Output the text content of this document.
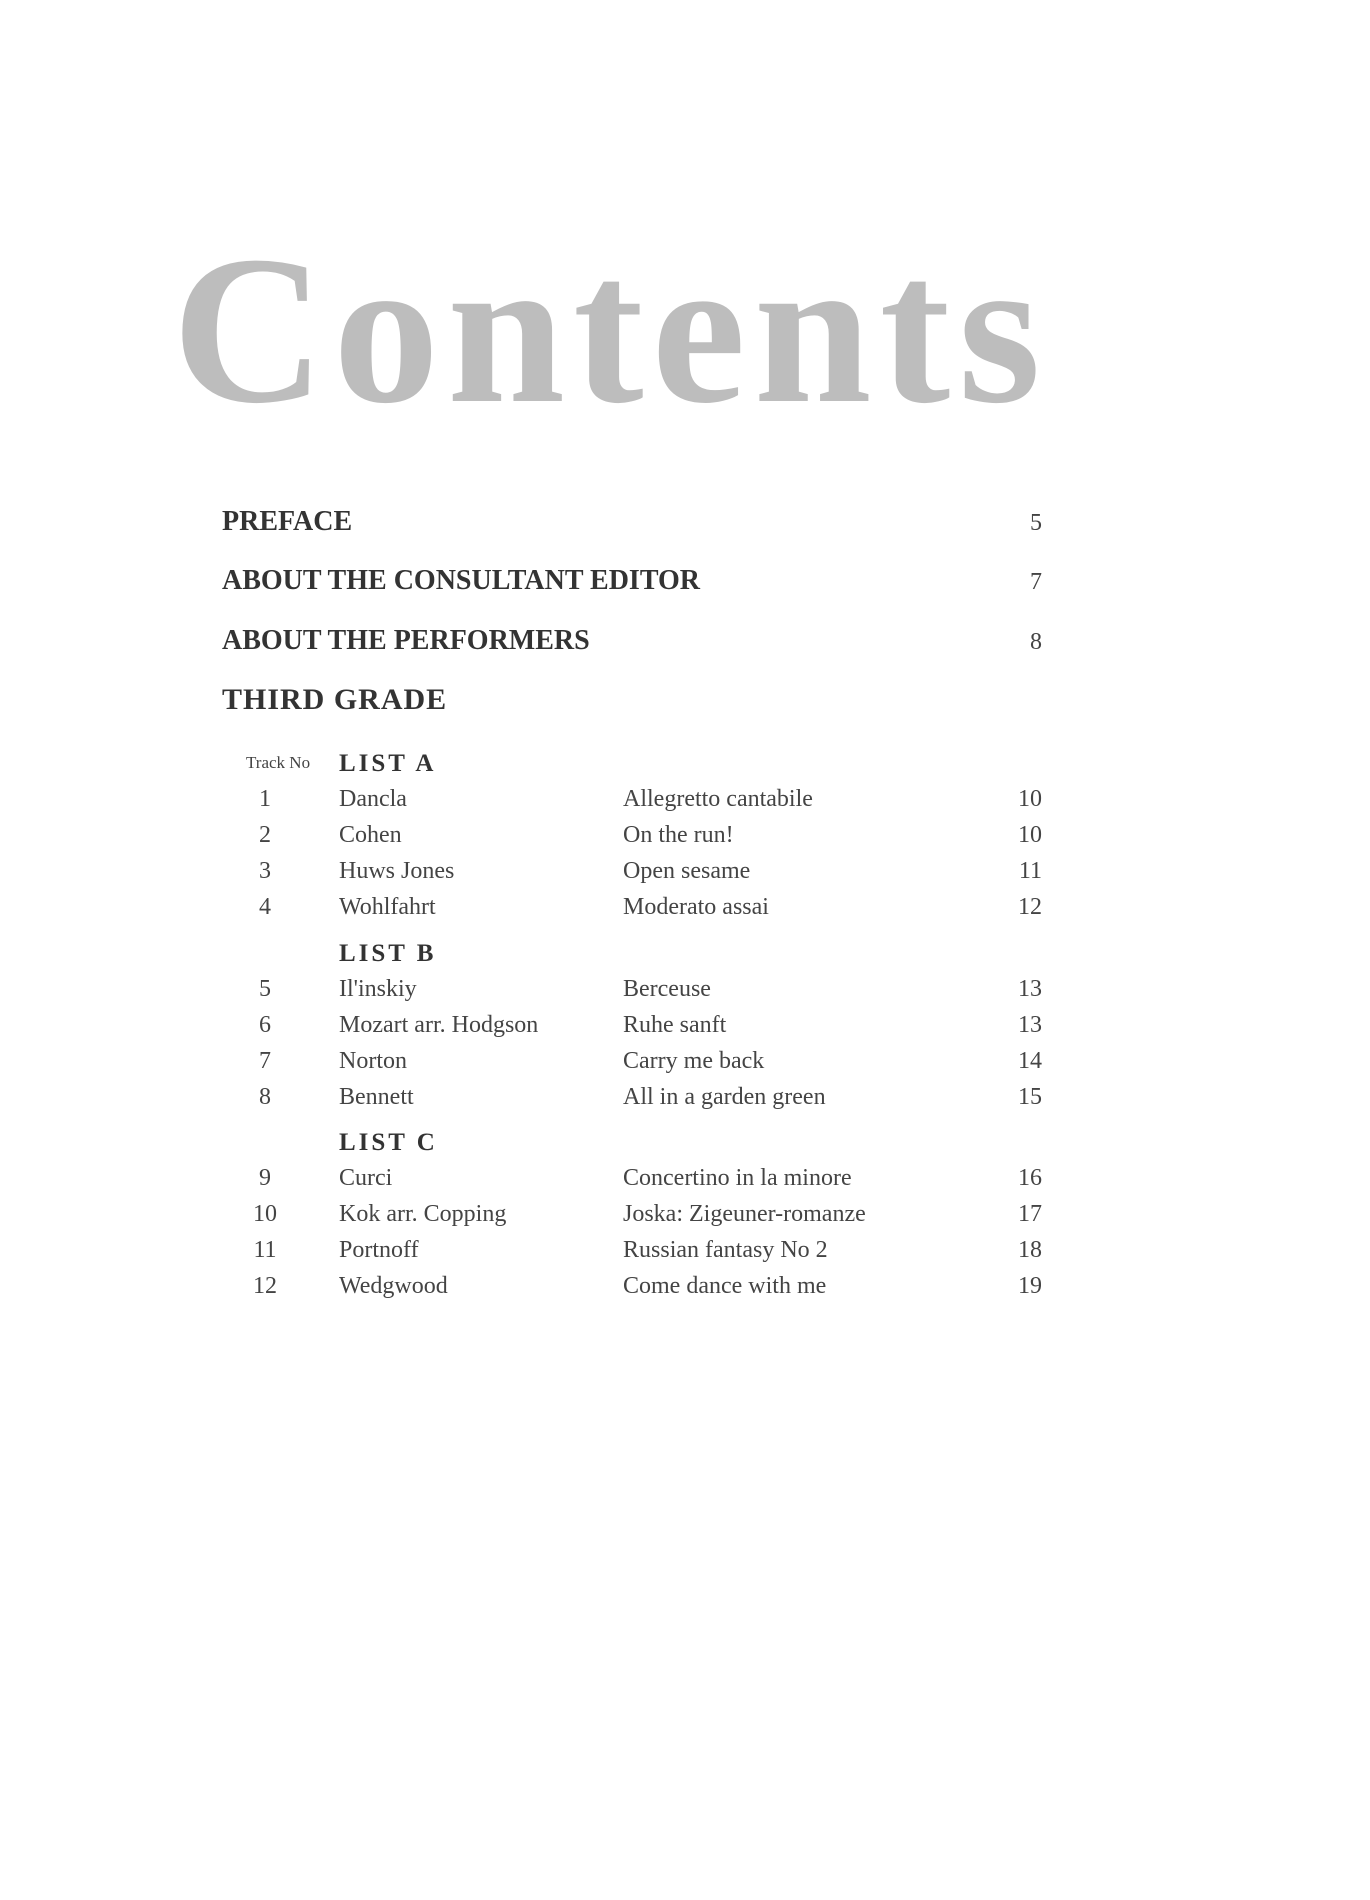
Contents
PREFACE	5
ABOUT THE CONSULTANT EDITOR	7
ABOUT THE PERFORMERS	8
THIRD GRADE
Track No LIST A
1	Dancla	Allegretto cantabile	10
2	Cohen	On the run!	10
3	Huws Jones	Open sesame	11
4	Wohlfahrt	Moderato assai	12
LIST B
5	Il'inskiy	Berceuse	13
6	Mozart arr. Hodgson	Ruhe sanft	13
7	Norton	Carry me back	14
8	Bennett	All in a garden green	15
LIST C
9	Curci	Concertino in la minore	16
10	Kok arr. Copping	Joska: Zigeuner-romanze	17
11	Portnoff	Russian fantasy No 2	18
12	Wedgwood	Come dance with me	19
